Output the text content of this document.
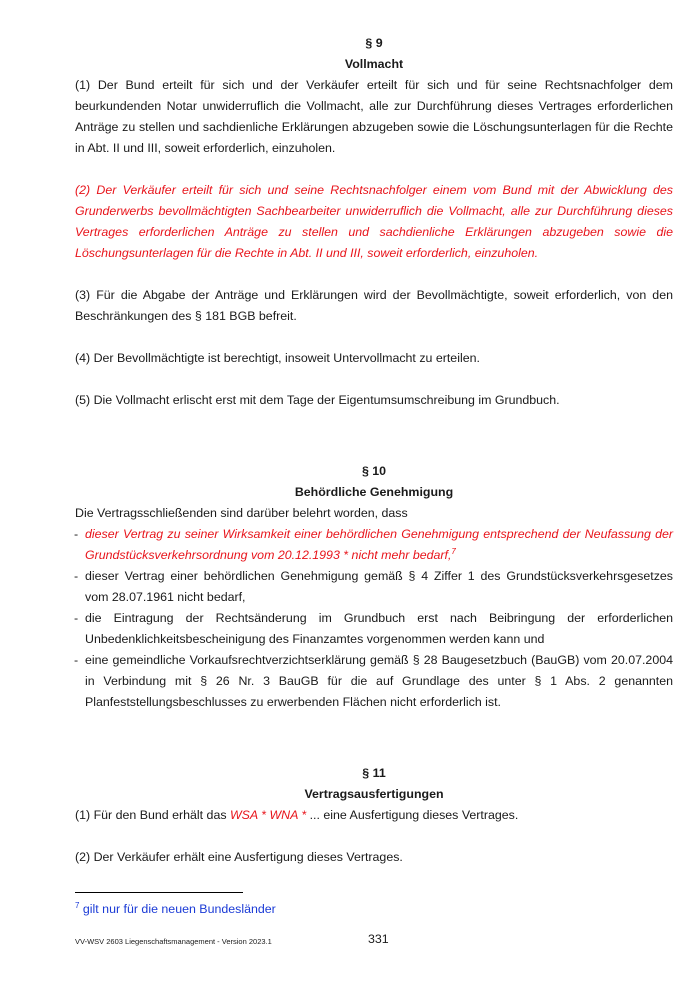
§ 9
Vollmacht
(1) Der Bund erteilt für sich und der Verkäufer erteilt für sich und für seine Rechtsnachfolger dem beurkundenden Notar unwiderruflich die Vollmacht, alle zur Durchführung dieses Vertrages erforderlichen Anträge zu stellen und sachdienliche Erklärungen abzugeben sowie die Löschungsunterlagen für die Rechte in Abt. II und III, soweit erforderlich, einzuholen.
(2) Der Verkäufer erteilt für sich und seine Rechtsnachfolger einem vom Bund mit der Abwicklung des Grunderwerbs bevollmächtigten Sachbearbeiter unwiderruflich die Vollmacht, alle zur Durchführung dieses Vertrages erforderlichen Anträge zu stellen und sachdienliche Erklärungen abzugeben sowie die Löschungsunterlagen für die Rechte in Abt. II und III, soweit erforderlich, einzuholen.
(3) Für die Abgabe der Anträge und Erklärungen wird der Bevollmächtigte, soweit erforderlich, von den Beschränkungen des § 181 BGB befreit.
(4) Der Bevollmächtigte ist berechtigt, insoweit Untervollmacht zu erteilen.
(5) Die Vollmacht erlischt erst mit dem Tage der Eigentumsumschreibung im Grundbuch.
§ 10
Behördliche Genehmigung
Die Vertragsschließenden sind darüber belehrt worden, dass
- dieser Vertrag zu seiner Wirksamkeit einer behördlichen Genehmigung entsprechend der Neufassung der Grundstücksverkehrsordnung vom 20.12.1993 * nicht mehr bedarf,$^7$
- dieser Vertrag einer behördlichen Genehmigung gemäß § 4 Ziffer 1 des Grundstücksverkehrsgesetzes vom 28.07.1961 nicht bedarf,
- die Eintragung der Rechtsänderung im Grundbuch erst nach Beibringung der erforderlichen Unbedenklichkeitsbescheinigung des Finanzamtes vorgenommen werden kann und
- eine gemeindliche Vorkaufsrechtverzichtserklärung gemäß § 28 Baugesetzbuch (BauGB) vom 20.07.2004 in Verbindung mit § 26 Nr. 3 BauGB für die auf Grundlage des unter § 1 Abs. 2 genannten Planfeststellungsbeschlusses zu erwerbenden Flächen nicht erforderlich ist.
§ 11
Vertragsausfertigungen
(1) Für den Bund erhält das WSA * WNA * ... eine Ausfertigung dieses Vertrages.
(2) Der Verkäufer erhält eine Ausfertigung dieses Vertrages.
$^7$ gilt nur für die neuen Bundesländer
VV-WSV 2603 Liegenschaftsmanagement - Version 2023.1	331
